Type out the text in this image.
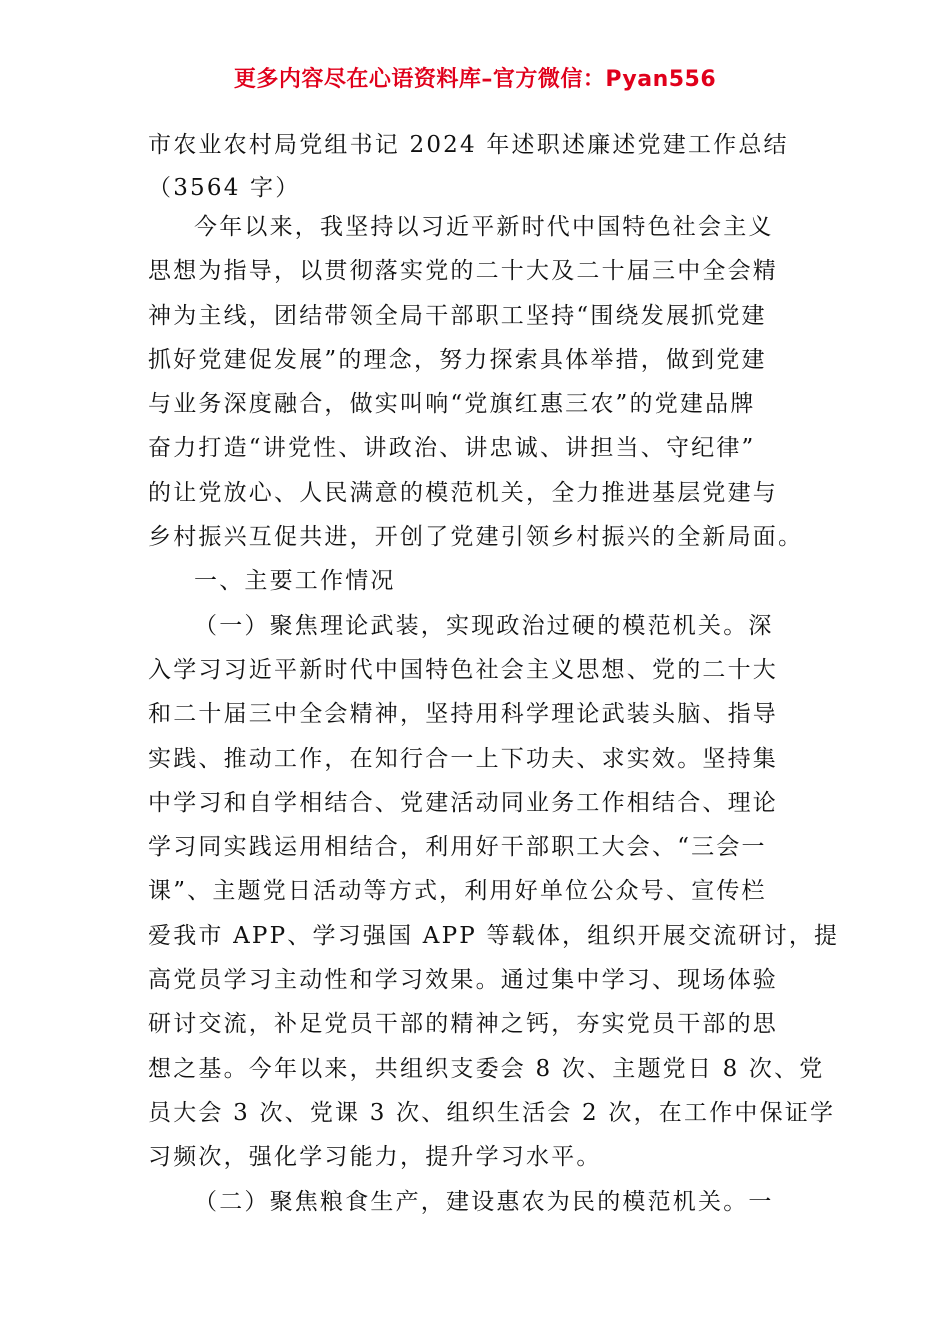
更多内容尽在心语资料库–官方微信：Pyan556
市农业农村局党组书记 2024 年述职述廉述党建工作总结
（3564 字）
今年以来，我坚持以习近平新时代中国特色社会主义
思想为指导，以贯彻落实党的二十大及二十届三中全会精
神为主线，团结带领全局干部职工坚持“围绕发展抓党建
抓好党建促发展”的理念，努力探索具体举措，做到党建
与业务深度融合，做实叫响“党旗红惠三农”的党建品牌
奋力打造“讲党性、讲政治、讲忠诚、讲担当、守纪律”
的让党放心、人民满意的模范机关，全力推进基层党建与
乡村振兴互促共进，开创了党建引领乡村振兴的全新局面。
一、主要工作情况
（一）聚焦理论武装，实现政治过硬的模范机关。深
入学习习近平新时代中国特色社会主义思想、党的二十大
和二十届三中全会精神，坚持用科学理论武装头脑、指导
实践、推动工作，在知行合一上下功夫、求实效。坚持集
中学习和自学相结合、党建活动同业务工作相结合、理论
学习同实践运用相结合，利用好干部职工大会、“三会一
课”、主题党日活动等方式，利用好单位公众号、宣传栏
爱我市 APP、学习强国 APP 等载体，组织开展交流研讨，提
高党员学习主动性和学习效果。通过集中学习、现场体验
研讨交流，补足党员干部的精神之钙，夯实党员干部的思
想之基。今年以来，共组织支委会 8 次、主题党日 8 次、党
员大会 3 次、党课 3 次、组织生活会 2 次，在工作中保证学
习频次，强化学习能力，提升学习水平。
（二）聚焦粮食生产，建设惠农为民的模范机关。一
